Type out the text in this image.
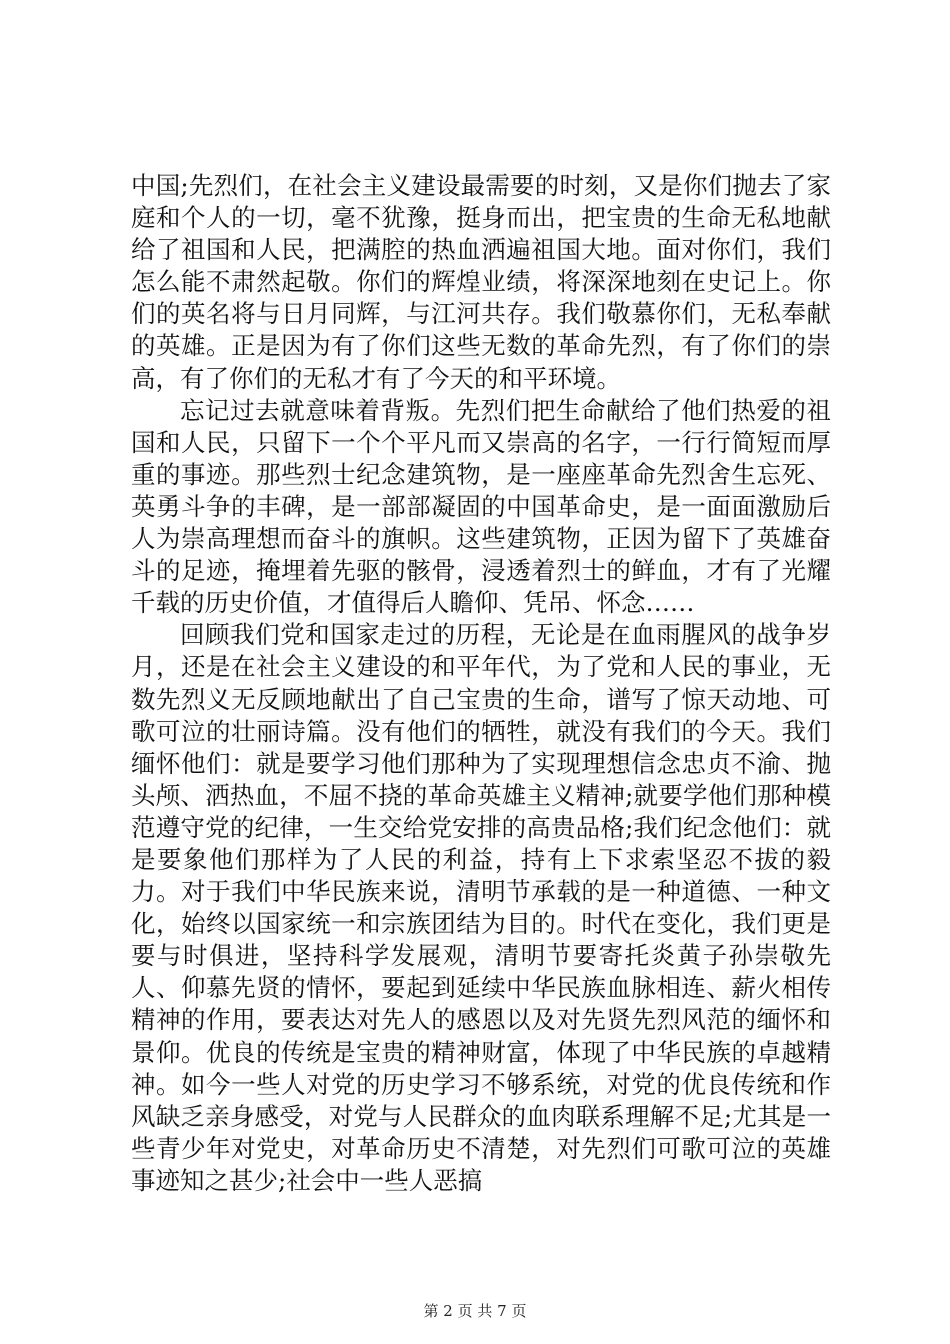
中国;先烈们，在社会主义建设最需要的时刻，又是你们抛去了家庭和个人的一切，毫不犹豫，挺身而出，把宝贵的生命无私地献给了祖国和人民，把满腔的热血洒遍祖国大地。面对你们，我们怎么能不肃然起敬。你们的辉煌业绩，将深深地刻在史记上。你们的英名将与日月同辉，与江河共存。我们敬慕你们，无私奉献的英雄。正是因为有了你们这些无数的革命先烈，有了你们的崇高，有了你们的无私才有了今天的和平环境。

忘记过去就意味着背叛。先烈们把生命献给了他们热爱的祖国和人民，只留下一个个平凡而又崇高的名字，一行行简短而厚重的事迹。那些烈士纪念建筑物，是一座座革命先烈舍生忘死、英勇斗争的丰碑，是一部部凝固的中国革命史，是一面面激励后人为崇高理想而奋斗的旗帜。这些建筑物，正因为留下了英雄奋斗的足迹，掩埋着先驱的骸骨，浸透着烈士的鲜血，才有了光耀千载的历史价值，才值得后人瞻仰、凭吊、怀念……

回顾我们党和国家走过的历程，无论是在血雨腥风的战争岁月，还是在社会主义建设的和平年代，为了党和人民的事业，无数先烈义无反顾地献出了自己宝贵的生命，谱写了惊天动地、可歌可泣的壮丽诗篇。没有他们的牺牲，就没有我们的今天。我们缅怀他们：就是要学习他们那种为了实现理想信念忠贞不渝、抛头颅、洒热血，不屈不挠的革命英雄主义精神;就要学他们那种模范遵守党的纪律，一生交给党安排的高贵品格;我们纪念他们：就是要象他们那样为了人民的利益，持有上下求索坚忍不拔的毅力。对于我们中华民族来说，清明节承载的是一种道德、一种文化，始终以国家统一和宗族团结为目的。时代在变化，我们更是要与时俱进，坚持科学发展观，清明节要寄托炎黄子孙崇敬先人、仰慕先贤的情怀，要起到延续中华民族血脉相连、薪火相传精神的作用，要表达对先人的感恩以及对先贤先烈风范的缅怀和景仰。优良的传统是宝贵的精神财富，体现了中华民族的卓越精神。如今一些人对党的历史学习不够系统，对党的优良传统和作风缺乏亲身感受，对党与人民群众的血肉联系理解不足;尤其是一些青少年对党史，对革命历史不清楚，对先烈们可歌可泣的英雄事迹知之甚少;社会中一些人恶搞

第 2 页 共 7 页
